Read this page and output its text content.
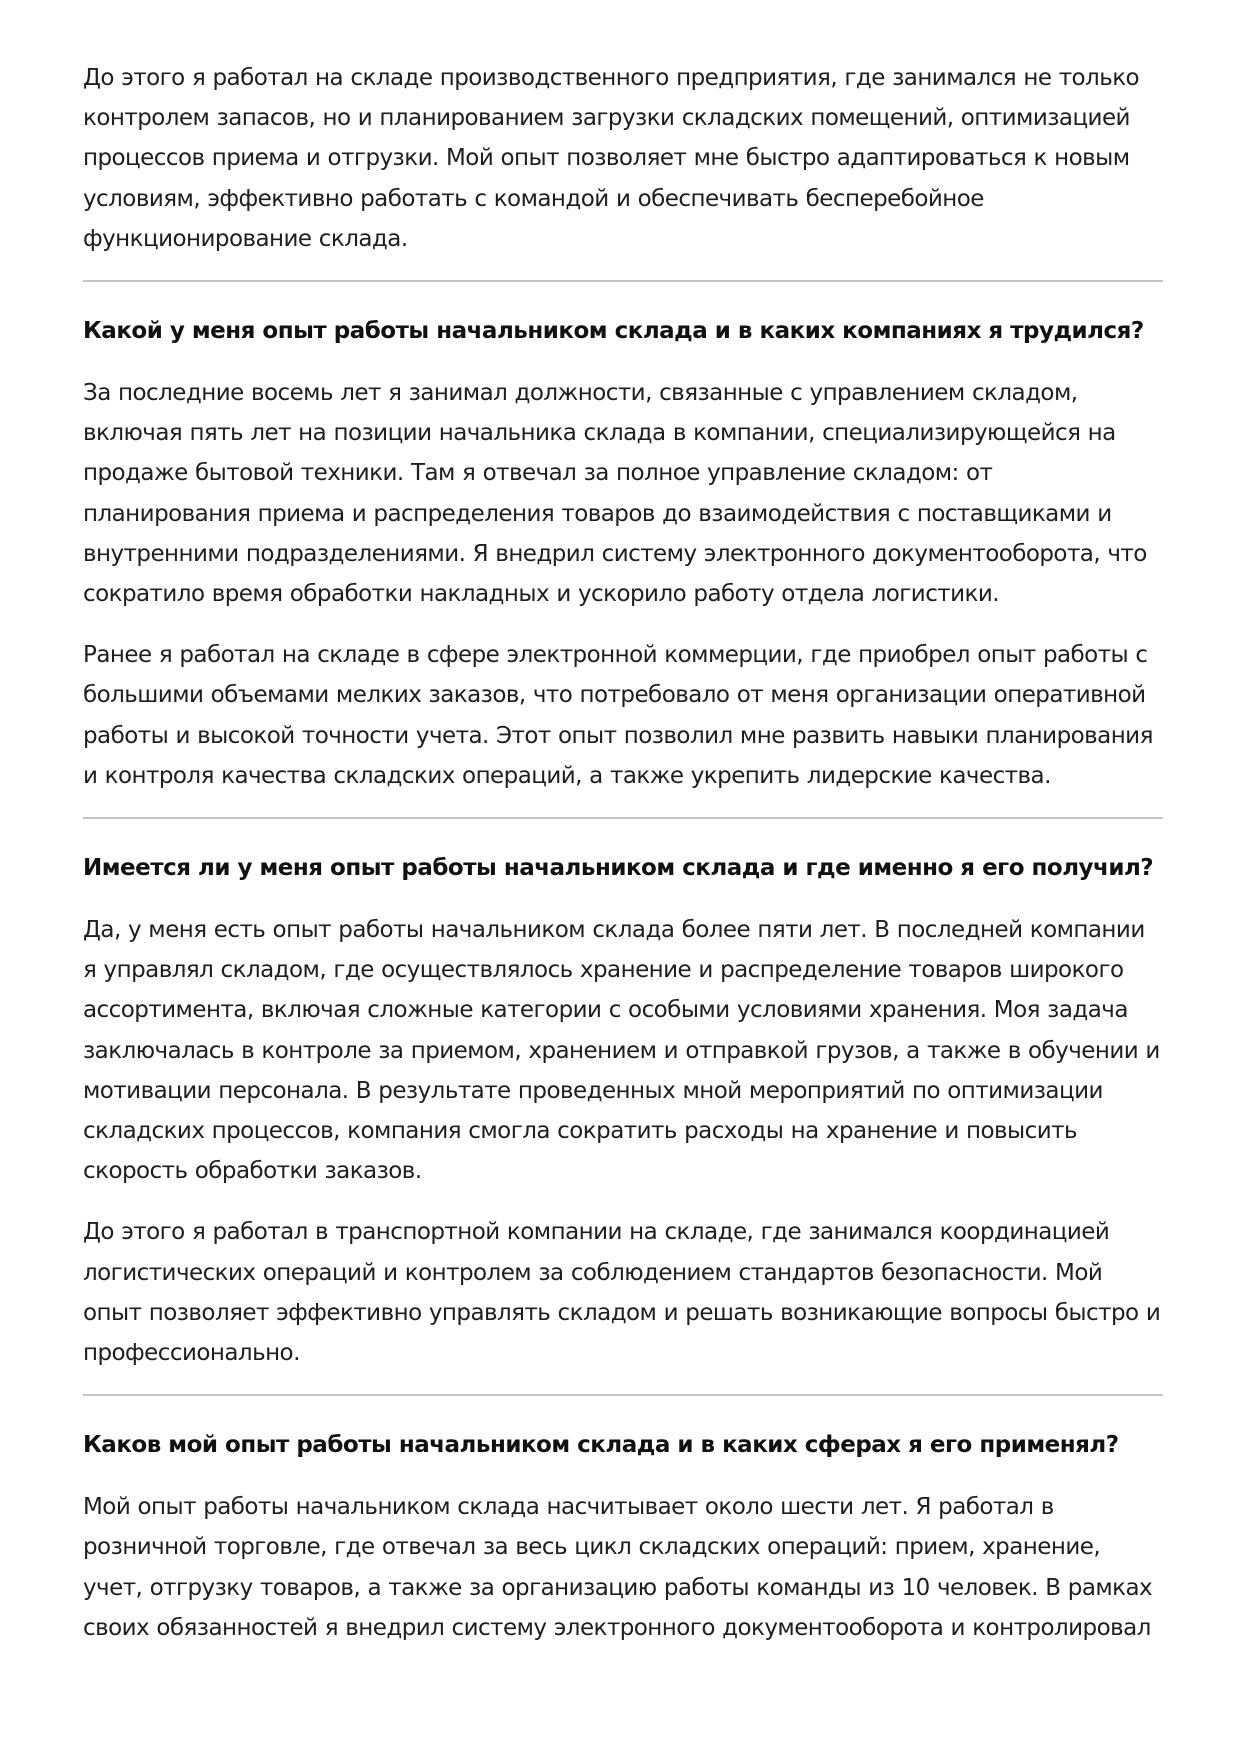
До этого я работал на складе производственного предприятия, где занимался не только контролем запасов, но и планированием загрузки складских помещений, оптимизацией процессов приема и отгрузки. Мой опыт позволяет мне быстро адаптироваться к новым условиям, эффективно работать с командой и обеспечивать бесперебойное функционирование склада.

Какой у меня опыт работы начальником склада и в каких компаниях я трудился?

За последние восемь лет я занимал должности, связанные с управлением складом, включая пять лет на позиции начальника склада в компании, специализирующейся на продаже бытовой техники. Там я отвечал за полное управление складом: от планирования приема и распределения товаров до взаимодействия с поставщиками и внутренними подразделениями. Я внедрил систему электронного документооборота, что сократило время обработки накладных и ускорило работу отдела логистики.

Ранее я работал на складе в сфере электронной коммерции, где приобрел опыт работы с большими объемами мелких заказов, что потребовало от меня организации оперативной работы и высокой точности учета. Этот опыт позволил мне развить навыки планирования и контроля качества складских операций, а также укрепить лидерские качества.

Имеется ли у меня опыт работы начальником склада и где именно я его получил?

Да, у меня есть опыт работы начальником склада более пяти лет. В последней компании я управлял складом, где осуществлялось хранение и распределение товаров широкого ассортимента, включая сложные категории с особыми условиями хранения. Моя задача заключалась в контроле за приемом, хранением и отправкой грузов, а также в обучении и мотивации персонала. В результате проведенных мной мероприятий по оптимизации складских процессов, компания смогла сократить расходы на хранение и повысить скорость обработки заказов.

До этого я работал в транспортной компании на складе, где занимался координацией логистических операций и контролем за соблюдением стандартов безопасности. Мой опыт позволяет эффективно управлять складом и решать возникающие вопросы быстро и профессионально.

Каков мой опыт работы начальником склада и в каких сферах я его применял?

Мой опыт работы начальником склада насчитывает около шести лет. Я работал в розничной торговле, где отвечал за весь цикл складских операций: прием, хранение, учет, отгрузку товаров, а также за организацию работы команды из 10 человек. В рамках своих обязанностей я внедрил систему электронного документооборота и контролировал
